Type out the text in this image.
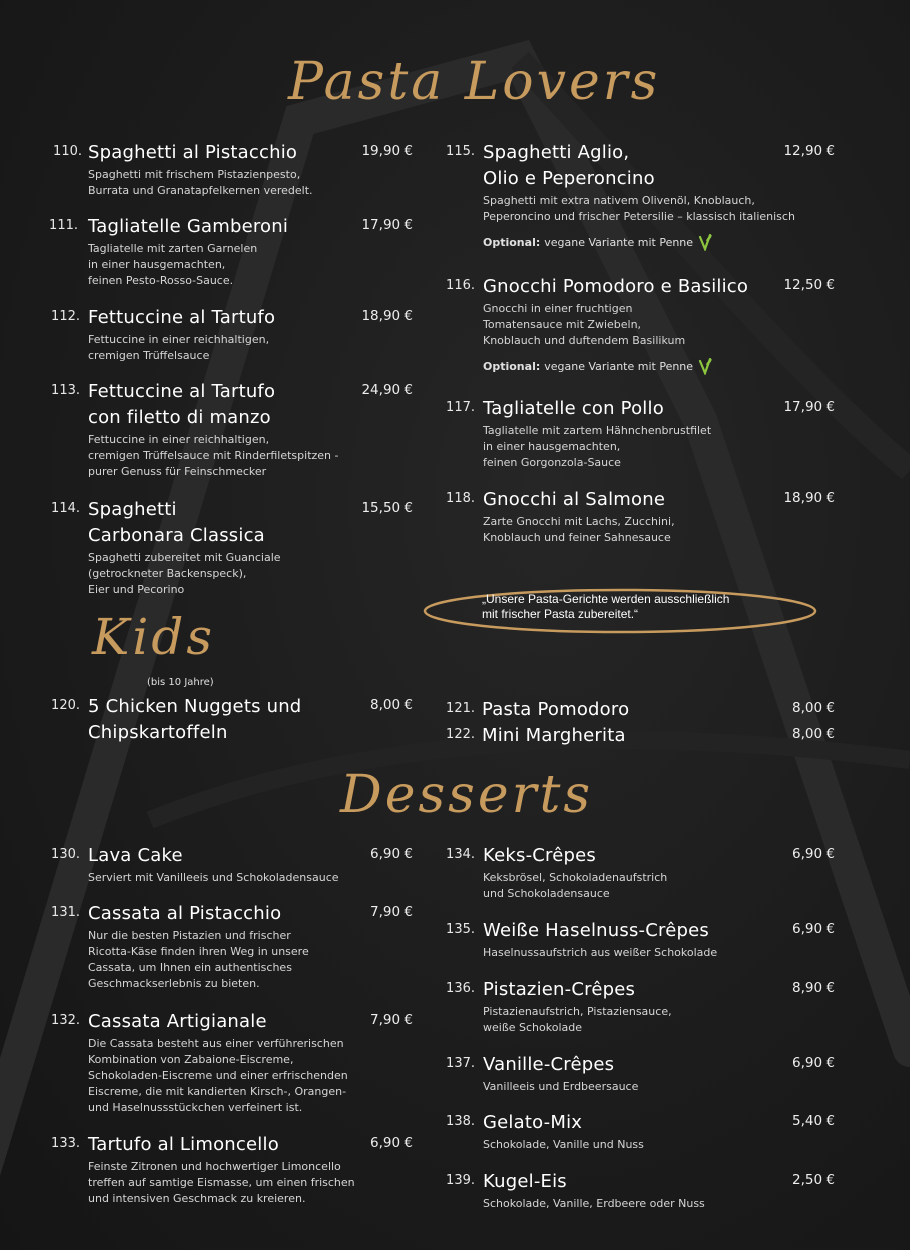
Pasta Lovers
Kids
(bis 10 Jahre)
Desserts
110. Spaghetti al Pistacchio	19,90 €
Spaghetti mit frischem Pistazienpesto,
Burrata und Granatapfelkernen veredelt.
111. Tagliatelle Gamberoni	17,90 €
Tagliatelle mit zarten Garnelen
in einer hausgemachten,
feinen Pesto-Rosso-Sauce.
112. Fettuccine al Tartufo	18,90 €
Fettuccine in einer reichhaltigen,
cremigen Trüffelsauce
113. Fettuccine al Tartufo
con filetto di manzo
24,90 €
Fettuccine in einer reichhaltigen,
cremigen Trüffelsauce mit Rinderfiletspitzen -
purer Genuss für Feinschmecker
114. Spaghetti
Carbonara Classica
15,50 €
Spaghetti zubereitet mit Guanciale
(getrockneter Backenspeck),
Eier und Pecorino
115. Spaghetti Aglio,
Olio e Peperoncino
12,90 €
Spaghetti mit extra nativem Olivenöl, Knoblauch,
Peperoncino und frischer Petersilie – klassisch italienisch
Optional: vegane Variante mit Penne
116. Gnocchi Pomodoro e Basilico	12,50 €
Gnocchi in einer fruchtigen
Tomatensauce mit Zwiebeln,
Knoblauch und duftendem Basilikum
Optional: vegane Variante mit Penne
117. Tagliatelle con Pollo	17,90 €
Tagliatelle mit zartem Hähnchenbrustfilet
in einer hausgemachten,
feinen Gorgonzola-Sauce
118. Gnocchi al Salmone	18,90 €
Zarte Gnocchi mit Lachs, Zucchini,
Knoblauch und feiner Sahnesauce
„Unsere Pasta-Gerichte werden ausschließlich
mit frischer Pasta zubereitet.“
120. 5 Chicken Nuggets und
Chipskartoffeln
8,00 €	121. Pasta Pomodoro	8,00 €
122. Mini Margherita	8,00 €
130. Lava Cake	6,90 €
Serviert mit Vanilleeis und Schokoladensauce
131. Cassata al Pistacchio	7,90 €
Nur die besten Pistazien und frischer
Ricotta-Käse finden ihren Weg in unsere
Cassata, um Ihnen ein authentisches
Geschmackserlebnis zu bieten.
132. Cassata Artigianale	7,90 €
Die Cassata besteht aus einer verführerischen
Kombination von Zabaione-Eiscreme,
Schokoladen-Eiscreme und einer erfrischenden
Eiscreme, die mit kandierten Kirsch-, Orangen-
und Haselnussstückchen verfeinert ist.
133. Tartufo al Limoncello	6,90 €
Feinste Zitronen und hochwertiger Limoncello
treffen auf samtige Eismasse, um einen frischen
und intensiven Geschmack zu kreieren.
134. Keks-Crêpes	6,90 €
Keksbrösel, Schokoladenaufstrich
und Schokoladensauce
135. Weiße Haselnuss-Crêpes	6,90 €
Haselnussaufstrich aus weißer Schokolade
136. Pistazien-Crêpes	8,90 €
Pistazienaufstrich, Pistaziensauce,
weiße Schokolade
137. Vanille-Crêpes	6,90 €
Vanilleeis und Erdbeersauce
138. Gelato-Mix	5,40 €
Schokolade, Vanille und Nuss
139. Kugel-Eis	2,50 €
Schokolade, Vanille, Erdbeere oder Nuss
